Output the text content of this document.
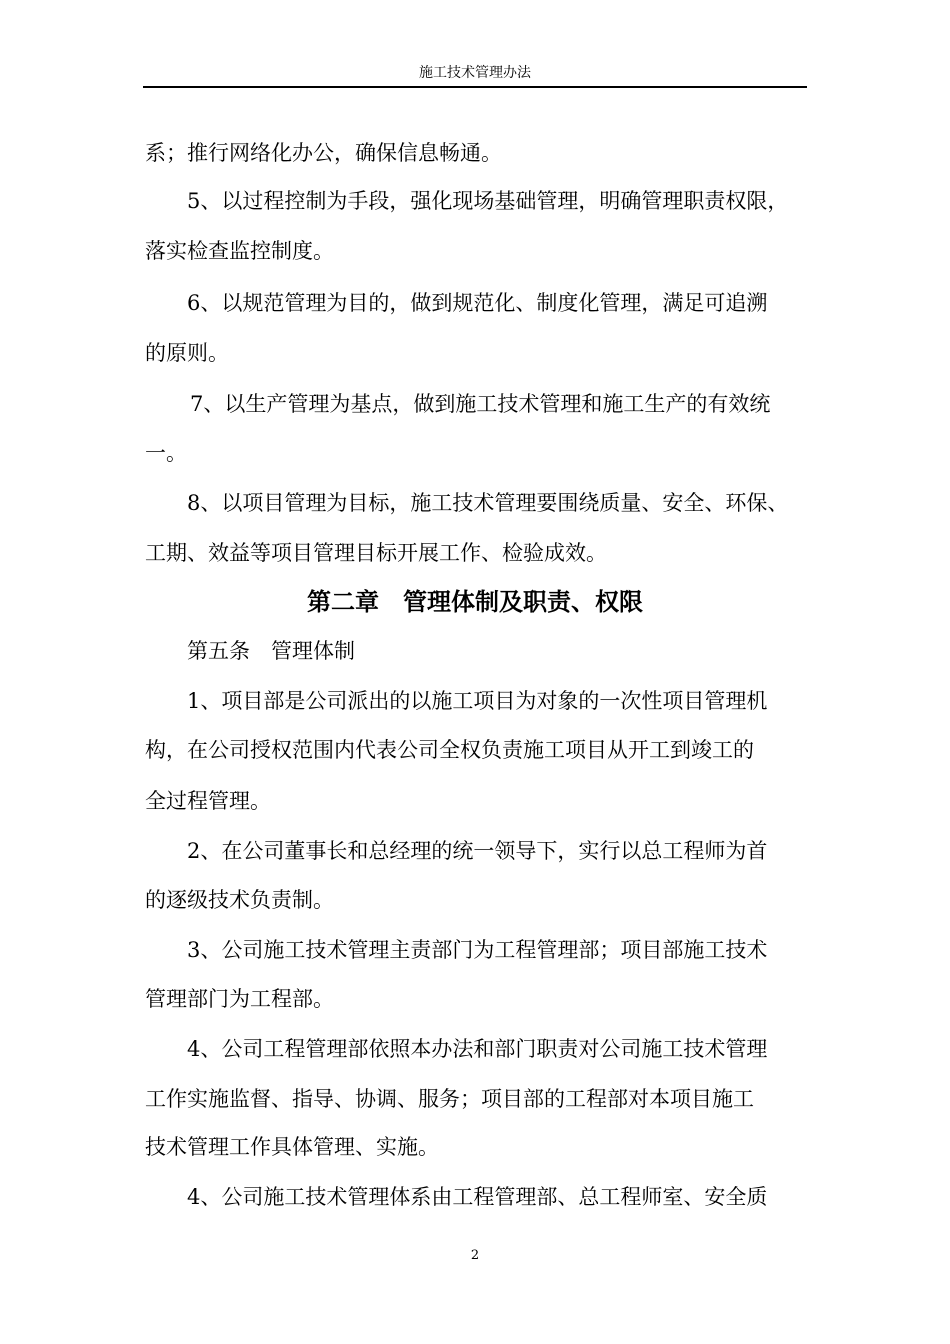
施工技术管理办法
系；推行网络化办公，确保信息畅通。
5、以过程控制为手段，强化现场基础管理，明确管理职责权限，
落实检查监控制度。
6、以规范管理为目的，做到规范化、制度化管理，满足可追溯
的原则。
7、以生产管理为基点，做到施工技术管理和施工生产的有效统
一。
8、以项目管理为目标，施工技术管理要围绕质量、安全、环保、
工期、效益等项目管理目标开展工作、检验成效。
第二章　管理体制及职责、权限
第五条　管理体制
1、项目部是公司派出的以施工项目为对象的一次性项目管理机
构，在公司授权范围内代表公司全权负责施工项目从开工到竣工的
全过程管理。
2、在公司董事长和总经理的统一领导下，实行以总工程师为首
的逐级技术负责制。
3、公司施工技术管理主责部门为工程管理部；项目部施工技术
管理部门为工程部。
4、公司工程管理部依照本办法和部门职责对公司施工技术管理
工作实施监督、指导、协调、服务；项目部的工程部对本项目施工
技术管理工作具体管理、实施。
4、公司施工技术管理体系由工程管理部、总工程师室、安全质
2
